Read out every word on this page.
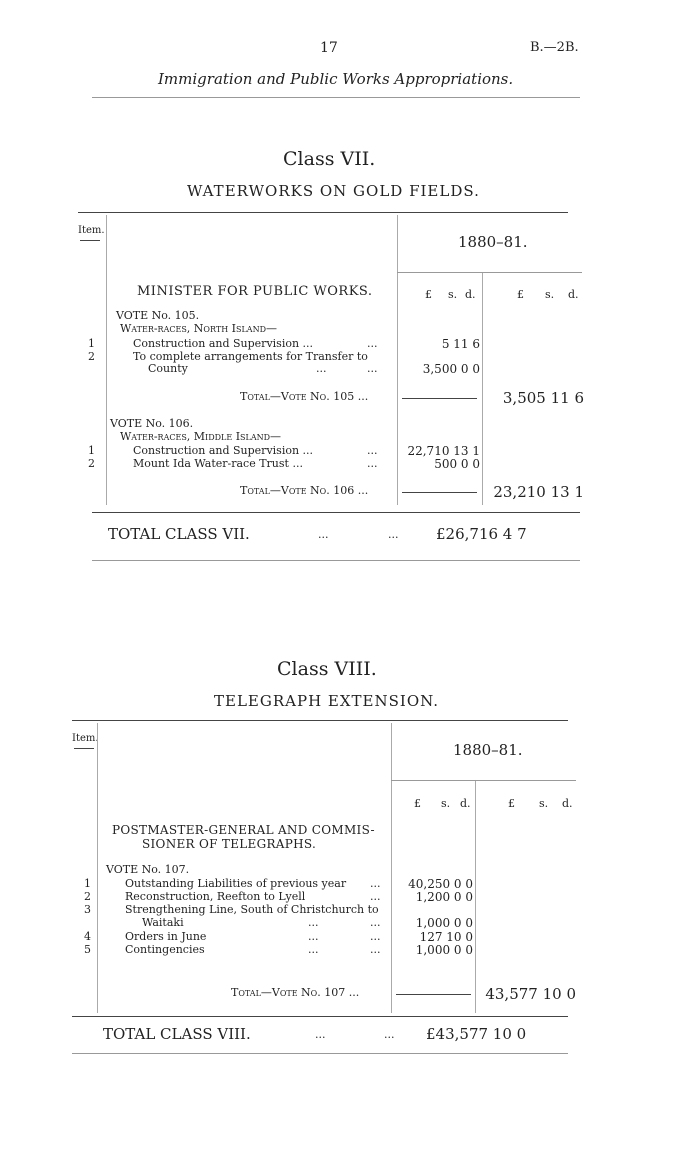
17	B.—2B.
Immigration and Public Works Appropriations.
Class VII.
WATERWORKS ON GOLD FIELDS.
Item.
1880–81.
£ s. d.	£ s. d.
MINISTER FOR PUBLIC WORKS.
VOTE No. 105.
Water-races, North Island—
1	Construction and Supervision ...	...	5 11 6
2	To complete arrangements for Transfer to
County	...	...	3,500 0 0
Total—Vote No. 105 ...	3,505 11 6
VOTE No. 106.
Water-races, Middle Island—
1	Construction and Supervision ...	...	22,710 13 1
2	Mount Ida Water-race Trust ...	...	500 0 0
Total—Vote No. 106 ...	23,210 13 1
TOTAL CLASS VII.	...	...	£26,716 4 7
Class VIII.
TELEGRAPH EXTENSION.
Item.
1880–81.
£ s. d.	£ s. d.
POSTMASTER-GENERAL AND COMMIS-
SIONER OF TELEGRAPHS.
VOTE No. 107.
1	Outstanding Liabilities of previous year ...	40,250 0 0
2	Reconstruction, Reefton to Lyell	...	1,200 0 0
3	Strengthening Line, South of Christchurch to
Waitaki	...	...	1,000 0 0
4	Orders in June	...	...	127 10 0
5	Contingencies	...	...	1,000 0 0
Total—Vote No. 107 ...	43,577 10 0
TOTAL CLASS VIII.	...	... £43,577 10 0
